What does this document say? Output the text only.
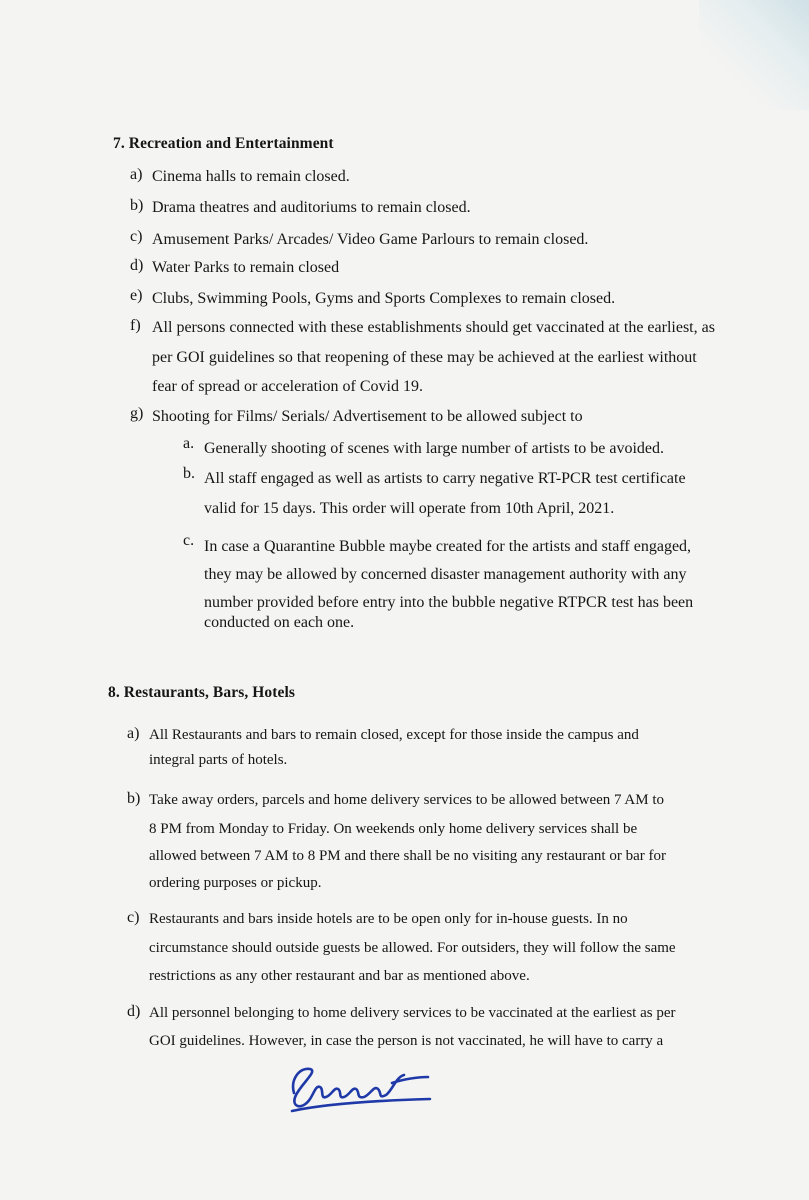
7. Recreation and Entertainment
a) Cinema halls to remain closed.
b) Drama theatres and auditoriums to remain closed.
c) Amusement Parks/ Arcades/ Video Game Parlours to remain closed.
d) Water Parks to remain closed
e) Clubs, Swimming Pools, Gyms and Sports Complexes to remain closed.
f) All persons connected with these establishments should get vaccinated at the earliest, as
per GOI guidelines so that reopening of these may be achieved at the earliest without
fear of spread or acceleration of Covid 19.
g) Shooting for Films/ Serials/ Advertisement to be allowed subject to
a. Generally shooting of scenes with large number of artists to be avoided.
b. All staff engaged as well as artists to carry negative RT-PCR test certificate
valid for 15 days. This order will operate from 10th April, 2021.
c. In case a Quarantine Bubble maybe created for the artists and staff engaged,
they may be allowed by concerned disaster management authority with any
number provided before entry into the bubble negative RTPCR test has been
conducted on each one.
8. Restaurants, Bars, Hotels
a) All Restaurants and bars to remain closed, except for those inside the campus and
integral parts of hotels.
b) Take away orders, parcels and home delivery services to be allowed between 7 AM to
8 PM from Monday to Friday. On weekends only home delivery services shall be
allowed between 7 AM to 8 PM and there shall be no visiting any restaurant or bar for
ordering purposes or pickup.
c) Restaurants and bars inside hotels are to be open only for in-house guests. In no
circumstance should outside guests be allowed. For outsiders, they will follow the same
restrictions as any other restaurant and bar as mentioned above.
d) All personnel belonging to home delivery services to be vaccinated at the earliest as per
GOI guidelines. However, in case the person is not vaccinated, he will have to carry a
